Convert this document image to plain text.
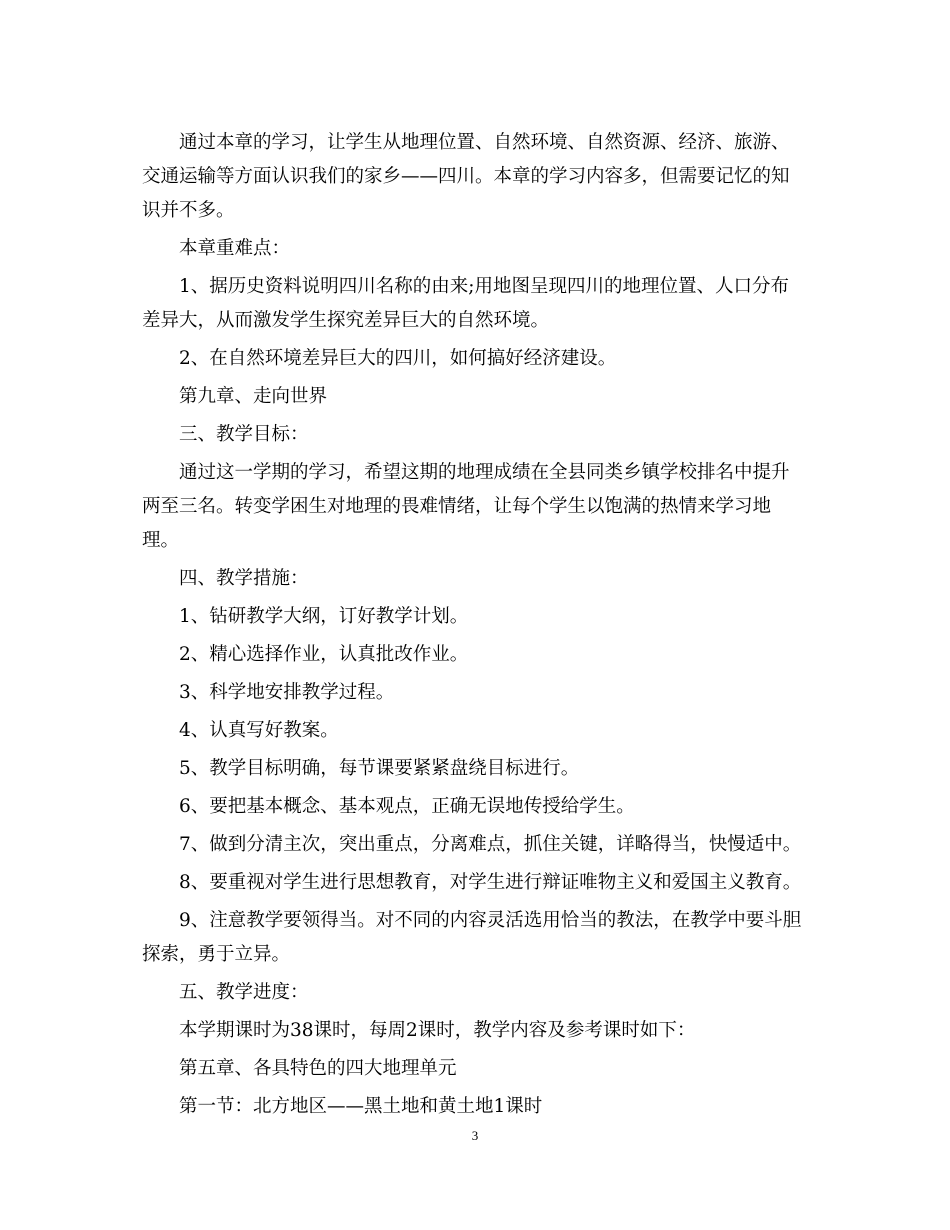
通过本章的学习，让学生从地理位置、自然环境、自然资源、经济、旅游、交通运输等方面认识我们的家乡——四川。本章的学习内容多，但需要记忆的知识并不多。

本章重难点：

1、据历史资料说明四川名称的由来;用地图呈现四川的地理位置、人口分布差异大，从而激发学生探究差异巨大的自然环境。

2、在自然环境差异巨大的四川，如何搞好经济建设。

第九章、走向世界

三、教学目标：

通过这一学期的学习，希望这期的地理成绩在全县同类乡镇学校排名中提升两至三名。转变学困生对地理的畏难情绪，让每个学生以饱满的热情来学习地理。

四、教学措施：

1、钻研教学大纲，订好教学计划。

2、精心选择作业，认真批改作业。

3、科学地安排教学过程。

4、认真写好教案。

5、教学目标明确，每节课要紧紧盘绕目标进行。

6、要把基本概念、基本观点，正确无误地传授给学生。

7、做到分清主次，突出重点，分离难点，抓住关键，详略得当，快慢适中。

8、要重视对学生进行思想教育，对学生进行辩证唯物主义和爱国主义教育。

9、注意教学要领得当。对不同的内容灵活选用恰当的教法，在教学中要斗胆探索，勇于立异。

五、教学进度：

本学期课时为38课时，每周2课时，教学内容及参考课时如下：

第五章、各具特色的四大地理单元

第一节：北方地区——黑土地和黄土地1课时

3
